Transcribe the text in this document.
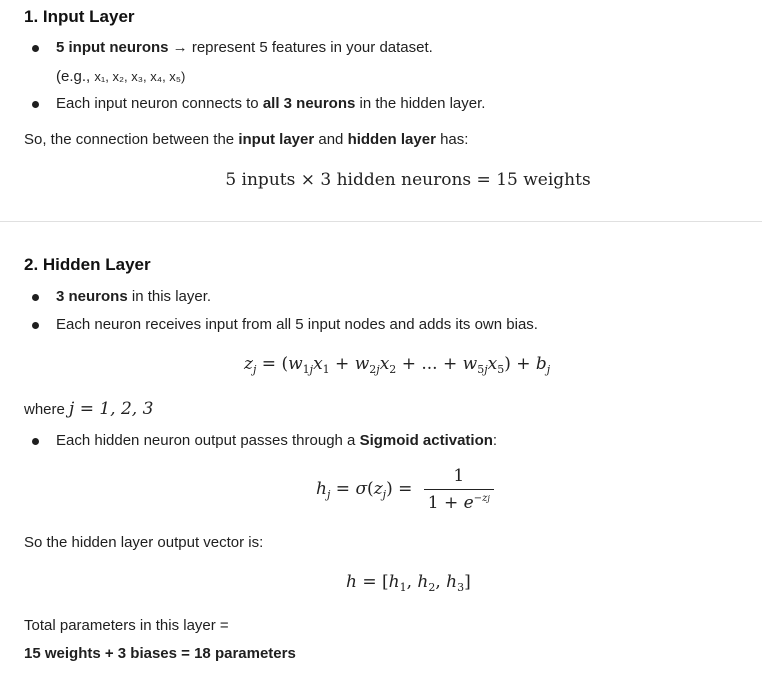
1. Input Layer
5 input neurons → represent 5 features in your dataset.
(e.g., x₁, x₂, x₃, x₄, x₅)
Each input neuron connects to all 3 neurons in the hidden layer.
So, the connection between the input layer and hidden layer has:
5 inputs × 3 hidden neurons = 15 weights
2. Hidden Layer
3 neurons in this layer.
Each neuron receives input from all 5 input nodes and adds its own bias.
$z_j = (w_{1j}x_1 + w_{2j}x_2$ + ... + $w_{5j}x_5) + b_j$
where j = 1, 2, 3
Each hidden neuron output passes through a Sigmoid activation:
$h_j = \sigma(z_j) = \frac{1}{1 + e^{-zj}}$
So the hidden layer output vector is:
$h = [h_1$, $h_2$, $h_3$]
Total parameters in this layer =
15 weights + 3 biases = 18 parameters
